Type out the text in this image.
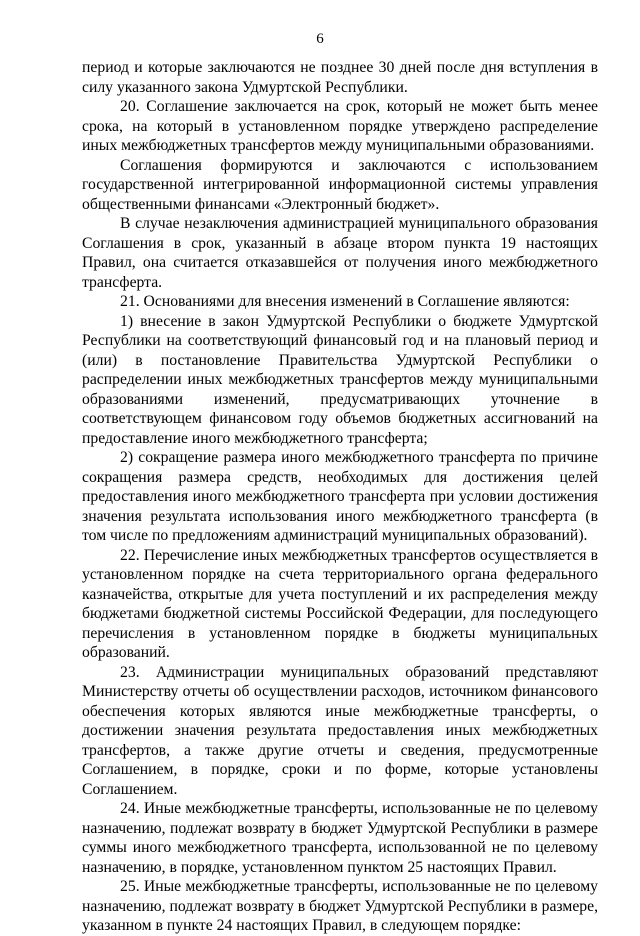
6

период и которые заключаются не позднее 30 дней после дня вступления в силу указанного закона Удмуртской Республики.

20. Соглашение заключается на срок, который не может быть менее срока, на который в установленном порядке утверждено распределение иных межбюджетных трансфертов между муниципальными образованиями.

Соглашения формируются и заключаются с использованием государственной интегрированной информационной системы управления общественными финансами «Электронный бюджет».

В случае незаключения администрацией муниципального образования Соглашения в срок, указанный в абзаце втором пункта 19 настоящих Правил, она считается отказавшейся от получения иного межбюджетного трансферта.

21. Основаниями для внесения изменений в Соглашение являются:

1) внесение в закон Удмуртской Республики о бюджете Удмуртской Республики на соответствующий финансовый год и на плановый период и (или) в постановление Правительства Удмуртской Республики о распределении иных межбюджетных трансфертов между муниципальными образованиями изменений, предусматривающих уточнение в соответствующем финансовом году объемов бюджетных ассигнований на предоставление иного межбюджетного трансферта;

2) сокращение размера иного межбюджетного трансферта по причине сокращения размера средств, необходимых для достижения целей предоставления иного межбюджетного трансферта при условии достижения значения результата использования иного межбюджетного трансферта (в том числе по предложениям администраций муниципальных образований).

22. Перечисление иных межбюджетных трансфертов осуществляется в установленном порядке на счета территориального органа федерального казначейства, открытые для учета поступлений и их распределения между бюджетами бюджетной системы Российской Федерации, для последующего перечисления в установленном порядке в бюджеты муниципальных образований.

23. Администрации муниципальных образований представляют Министерству отчеты об осуществлении расходов, источником финансового обеспечения которых являются иные межбюджетные трансферты, о достижении значения результата предоставления иных межбюджетных трансфертов, а также другие отчеты и сведения, предусмотренные Соглашением, в порядке, сроки и по форме, которые установлены Соглашением.

24. Иные межбюджетные трансферты, использованные не по целевому назначению, подлежат возврату в бюджет Удмуртской Республики в размере суммы иного межбюджетного трансферта, использованной не по целевому назначению, в порядке, установленном пунктом 25 настоящих Правил.

25. Иные межбюджетные трансферты, использованные не по целевому назначению, подлежат возврату в бюджет Удмуртской Республики в размере, указанном в пункте 24 настоящих Правил, в следующем порядке:
